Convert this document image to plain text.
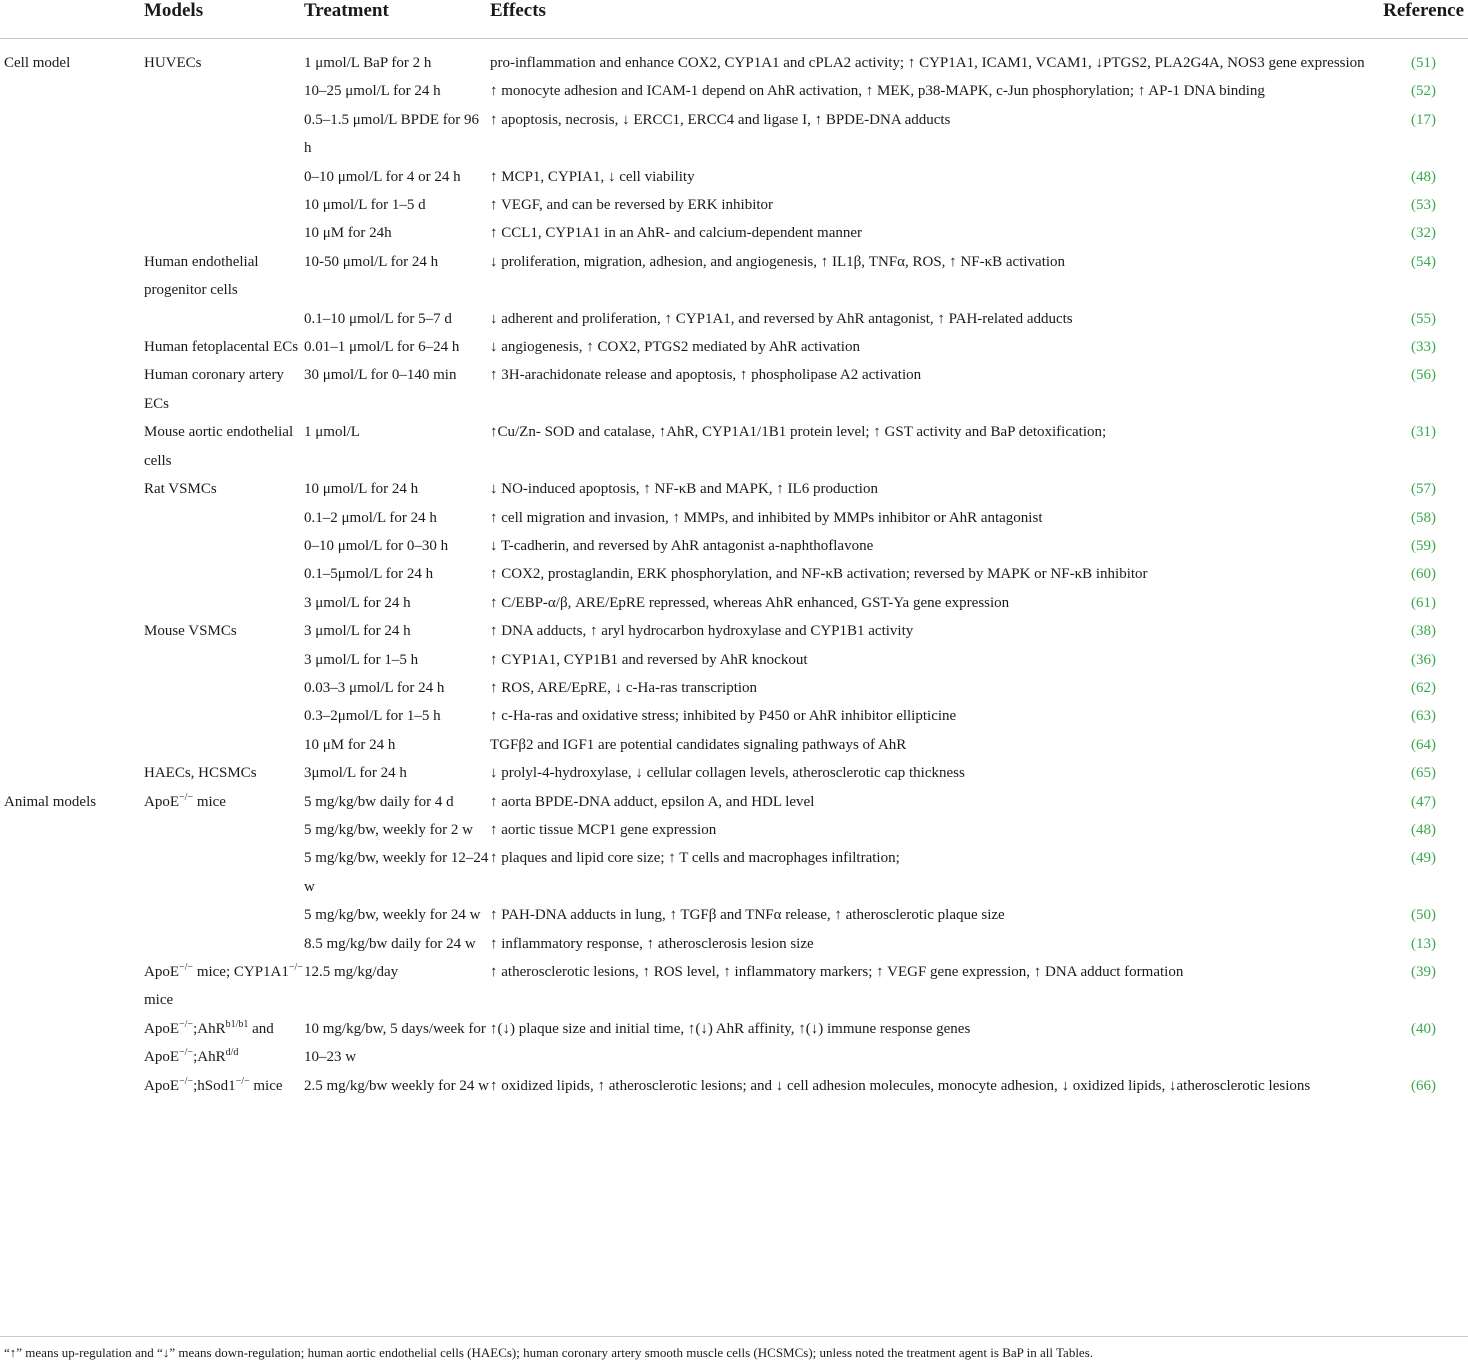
	Models	Treatment	Effects	Reference
Cell model	HUVECs	1 μmol/L BaP for 2 h	pro-inflammation and enhance COX2, CYP1A1 and cPLA2 activity; ↑ CYP1A1, ICAM1, VCAM1, ↓PTGS2, PLA2G4A, NOS3 gene expression	(51)
		10–25 μmol/L for 24 h	↑ monocyte adhesion and ICAM-1 depend on AhR activation, ↑ MEK, p38-MAPK, c-Jun phosphorylation; ↑ AP-1 DNA binding	(52)
		0.5–1.5 μmol/L BPDE for 96 h	↑ apoptosis, necrosis, ↓ ERCC1, ERCC4 and ligase I, ↑ BPDE-DNA adducts	(17)
		0–10 μmol/L for 4 or 24 h	↑ MCP1, CYPIA1, ↓ cell viability	(48)
		10 μmol/L for 1–5 d	↑ VEGF, and can be reversed by ERK inhibitor	(53)
		10 μM for 24h	↑ CCL1, CYP1A1 in an AhR- and calcium-dependent manner	(32)
	Human endothelial progenitor cells	10-50 μmol/L for 24 h	↓ proliferation, migration, adhesion, and angiogenesis, ↑ IL1β, TNFα, ROS, ↑ NF-κB activation	(54)
		0.1–10 μmol/L for 5–7 d	↓ adherent and proliferation, ↑ CYP1A1, and reversed by AhR antagonist, ↑ PAH-related adducts	(55)
	Human fetoplacental ECs	0.01–1 μmol/L for 6–24 h	↓ angiogenesis, ↑ COX2, PTGS2 mediated by AhR activation	(33)
	Human coronary artery ECs	30 μmol/L for 0–140 min	↑ 3H-arachidonate release and apoptosis, ↑ phospholipase A2 activation	(56)
	Mouse aortic endothelial cells	1 μmol/L	↑Cu/Zn- SOD and catalase, ↑AhR, CYP1A1/1B1 protein level; ↑ GST activity and BaP detoxification;	(31)
	Rat VSMCs	10 μmol/L for 24 h	↓ NO-induced apoptosis, ↑ NF-κB and MAPK, ↑ IL6 production	(57)
		0.1–2 μmol/L for 24 h	↑ cell migration and invasion, ↑ MMPs, and inhibited by MMPs inhibitor or AhR antagonist	(58)
		0–10 μmol/L for 0–30 h	↓ T-cadherin, and reversed by AhR antagonist a-naphthoflavone	(59)
		0.1–5μmol/L for 24 h	↑ COX2, prostaglandin, ERK phosphorylation, and NF-κB activation; reversed by MAPK or NF-κB inhibitor	(60)
		3 μmol/L for 24 h	↑ C/EBP-α/β, ARE/EpRE repressed, whereas AhR enhanced, GST-Ya gene expression	(61)
	Mouse VSMCs	3 μmol/L for 24 h	↑ DNA adducts, ↑ aryl hydrocarbon hydroxylase and CYP1B1 activity	(38)
		3 μmol/L for 1–5 h	↑ CYP1A1, CYP1B1 and reversed by AhR knockout	(36)
		0.03–3 μmol/L for 24 h	↑ ROS, ARE/EpRE, ↓ c-Ha-ras transcription	(62)
		0.3–2μmol/L for 1–5 h	↑ c-Ha-ras and oxidative stress; inhibited by P450 or AhR inhibitor ellipticine	(63)
		10 μM for 24 h	TGFβ2 and IGF1 are potential candidates signaling pathways of AhR	(64)
	HAECs, HCSMCs	3μmol/L for 24 h	↓ prolyl-4-hydroxylase, ↓ cellular collagen levels, atherosclerotic cap thickness	(65)
Animal models	ApoE−/− mice	5 mg/kg/bw daily for 4 d	↑ aorta BPDE-DNA adduct, epsilon A, and HDL level	(47)
		5 mg/kg/bw, weekly for 2 w	↑ aortic tissue MCP1 gene expression	(48)
		5 mg/kg/bw, weekly for 12–24 w	↑ plaques and lipid core size; ↑ T cells and macrophages infiltration;	(49)
		5 mg/kg/bw, weekly for 24 w	↑ PAH-DNA adducts in lung, ↑ TGFβ and TNFα release, ↑ atherosclerotic plaque size	(50)
		8.5 mg/kg/bw daily for 24 w	↑ inflammatory response, ↑ atherosclerosis lesion size	(13)
	ApoE−/− mice; CYP1A1−/− mice	12.5 mg/kg/day	↑ atherosclerotic lesions, ↑ ROS level, ↑ inflammatory markers; ↑ VEGF gene expression, ↑ DNA adduct formation	(39)
	ApoE−/−;AhR$^{b1/b1}$ and ApoE−/−;AhR$^{d/d}$	10 mg/kg/bw, 5 days/week for 10–23 w	↑(↓) plaque size and initial time, ↑(↓) AhR affinity, ↑(↓) immune response genes	(40)
	ApoE−/−;hSod1−/− mice	2.5 mg/kg/bw weekly for 24 w	↑ oxidized lipids, ↑ atherosclerotic lesions; and ↓ cell adhesion molecules, monocyte adhesion, ↓ oxidized lipids, ↓atherosclerotic lesions	(66)
“↑” means up-regulation and “↓” means down-regulation; human aortic endothelial cells (HAECs); human coronary artery smooth muscle cells (HCSMCs); unless noted the treatment agent is BaP in all Tables.
